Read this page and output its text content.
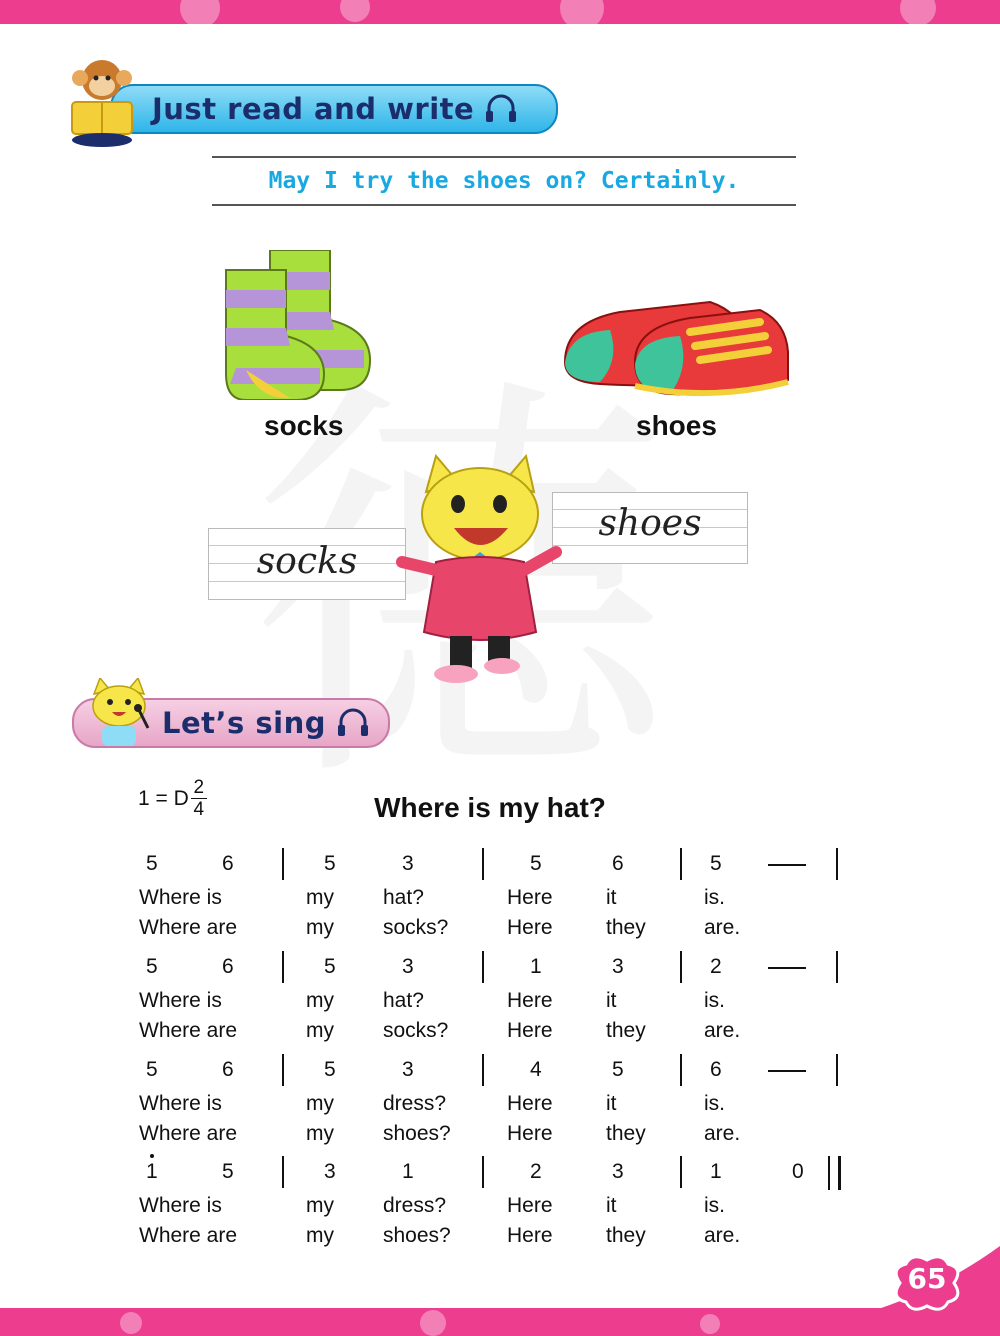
Just read and write
May I try the shoes on? Certainly.
socks	shoes
socks
shoes
Let’s sing
1 = D $\frac{2}{4}$	Where is my hat?
5	6	5	3	5	6	5
Where is	my hat?	Here	it	is.
Where are	my socks?	Here	they	are.
5	6	5	3	1	3	2
Where is	my hat?	Here	it	is.
Where are	my socks?	Here	they	are.
5	6	5	3	4	5	6
Where is	my dress?	Here	it	is.
Where are	my shoes?	Here	they	are.
1	5	3	1	2	3	1	0
Where is	my dress?	Here	it	is.
Where are	my shoes?	Here	they	are.
65
